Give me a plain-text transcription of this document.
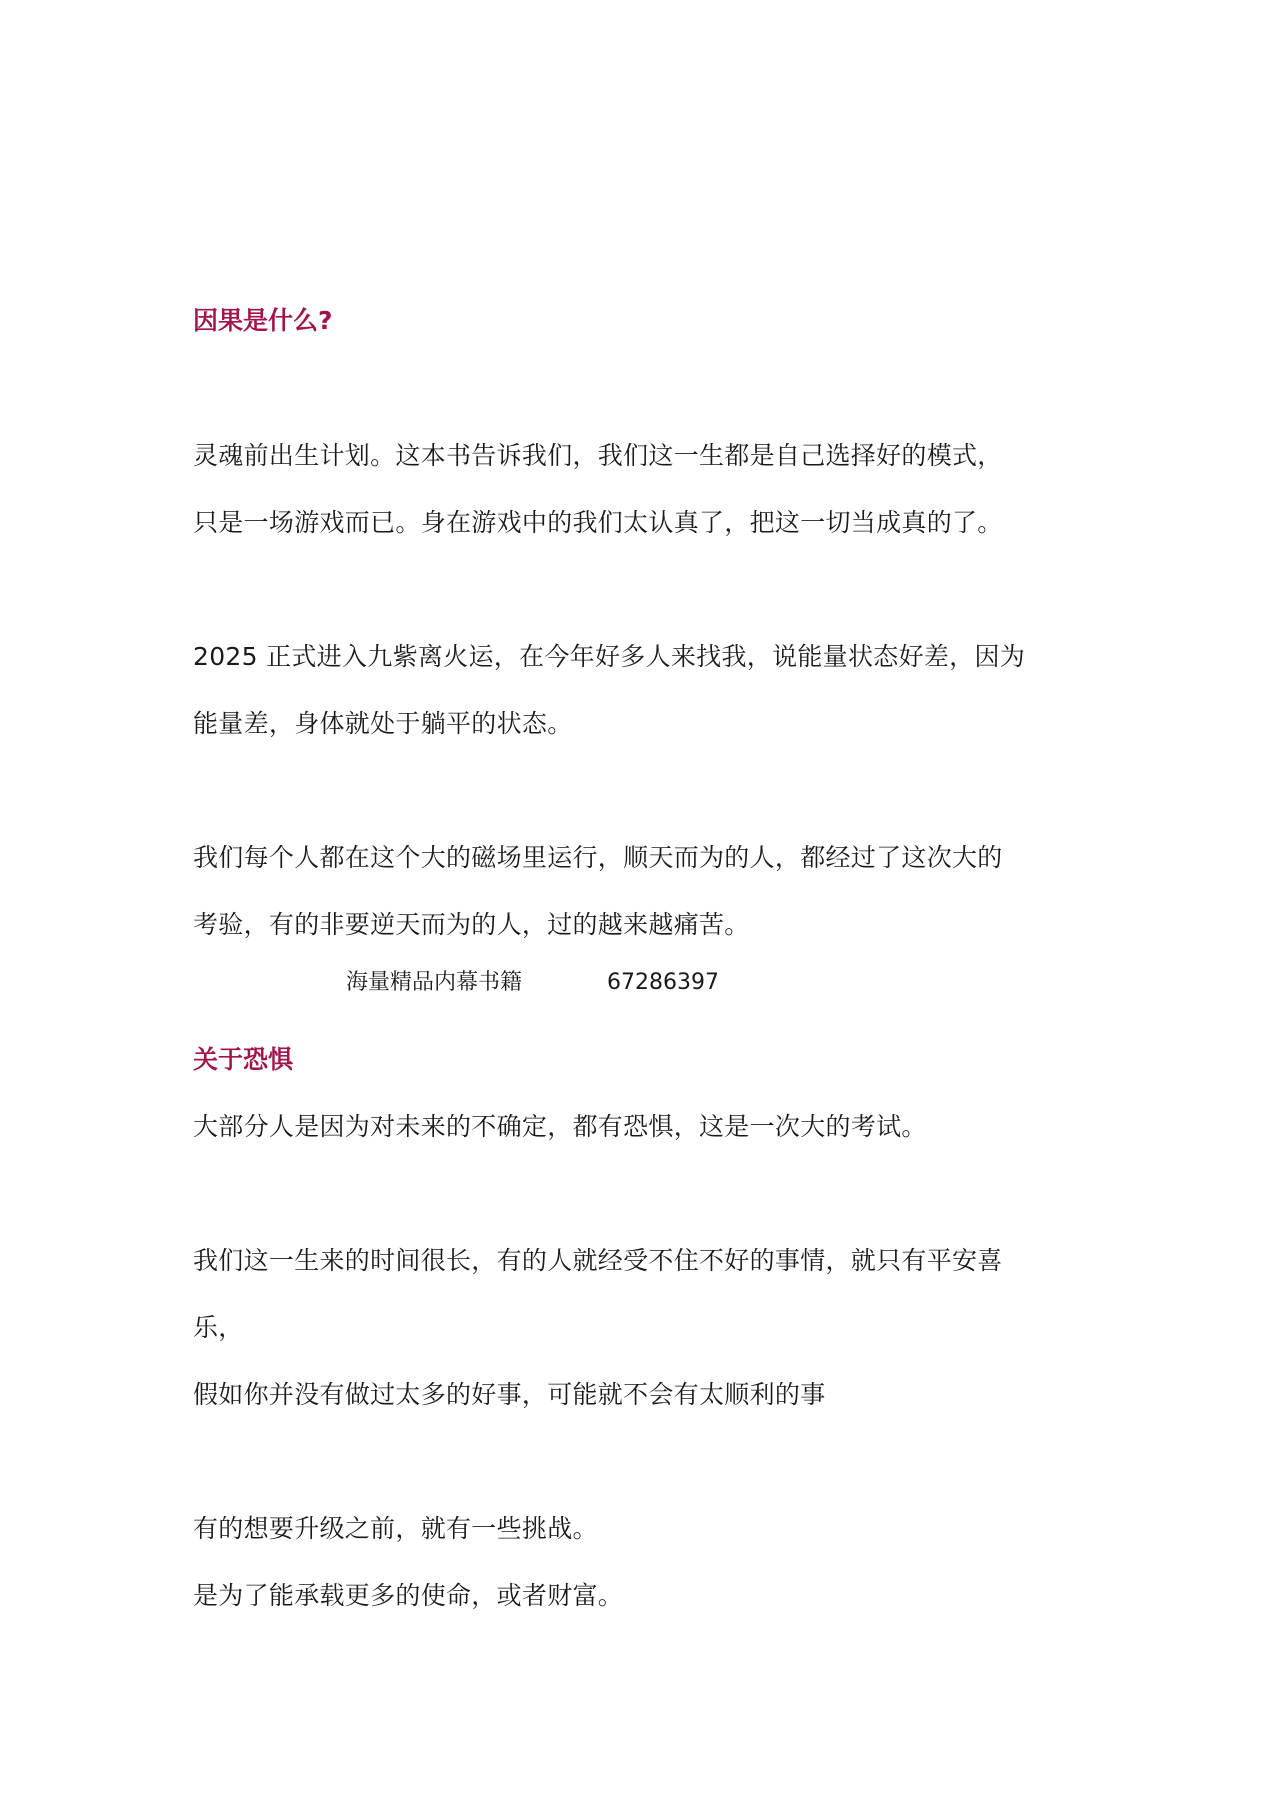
因果是什么?
灵魂前出生计划。这本书告诉我们，我们这一生都是自己选择好的模式，
只是一场游戏而已。身在游戏中的我们太认真了，把这一切当成真的了。
2025 正式进入九紫离火运，在今年好多人来找我，说能量状态好差，因为
能量差，身体就处于躺平的状态。
我们每个人都在这个大的磁场里运行，顺天而为的人，都经过了这次大的
考验，有的非要逆天而为的人，过的越来越痛苦。
海量精品内幕书籍	67286397
关于恐惧
大部分人是因为对未来的不确定，都有恐惧，这是一次大的考试。
我们这一生来的时间很长，有的人就经受不住不好的事情，就只有平安喜
乐，
假如你并没有做过太多的好事，可能就不会有太顺利的事
有的想要升级之前，就有一些挑战。
是为了能承载更多的使命，或者财富。
